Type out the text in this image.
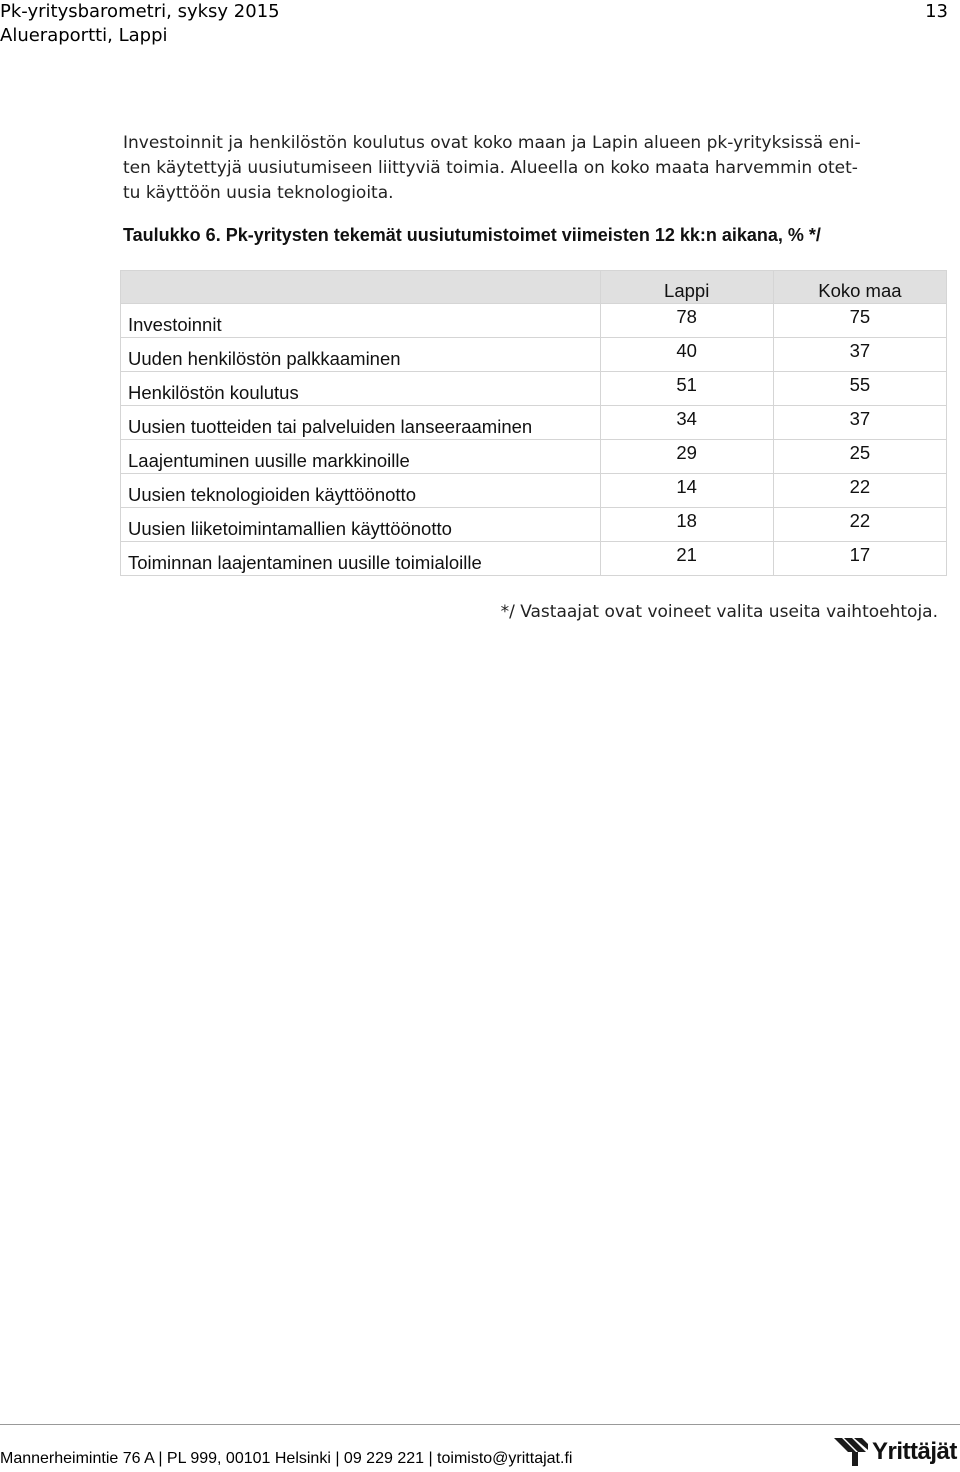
Pk-yritysbarometri, syksy 2015
Alueraportti, Lappi
13

Investoinnit ja henkilöstön koulutus ovat koko maan ja Lapin alueen pk-yrityksissä eni-

ten käytettyjä uusiutumiseen liittyviä toimia. Alueella on koko maata harvemmin otet-

tu käyttöön uusia teknologioita.

Taulukko 6. Pk-yritysten tekemät uusiutumistoimet viimeisten 12 kk:n aikana, % */
	Lappi	Koko maa
Investoinnit	78	75
Uuden henkilöstön palkkaaminen	40	37
Henkilöstön koulutus	51	55
Uusien tuotteiden tai palveluiden lanseeraaminen	34	37
Laajentuminen uusille markkinoille	29	25
Uusien teknologioiden käyttöönotto	14	22
Uusien liiketoimintamallien käyttöönotto	18	22
Toiminnan laajentaminen uusille toimialoille	21	17
*/ Vastaajat ovat voineet valita useita vaihtoehtoja.
Mannerheimintie 76 A | PL 999, 00101 Helsinki | 09 229 221 | toimisto@yrittajat.fi	Yrittäjät
